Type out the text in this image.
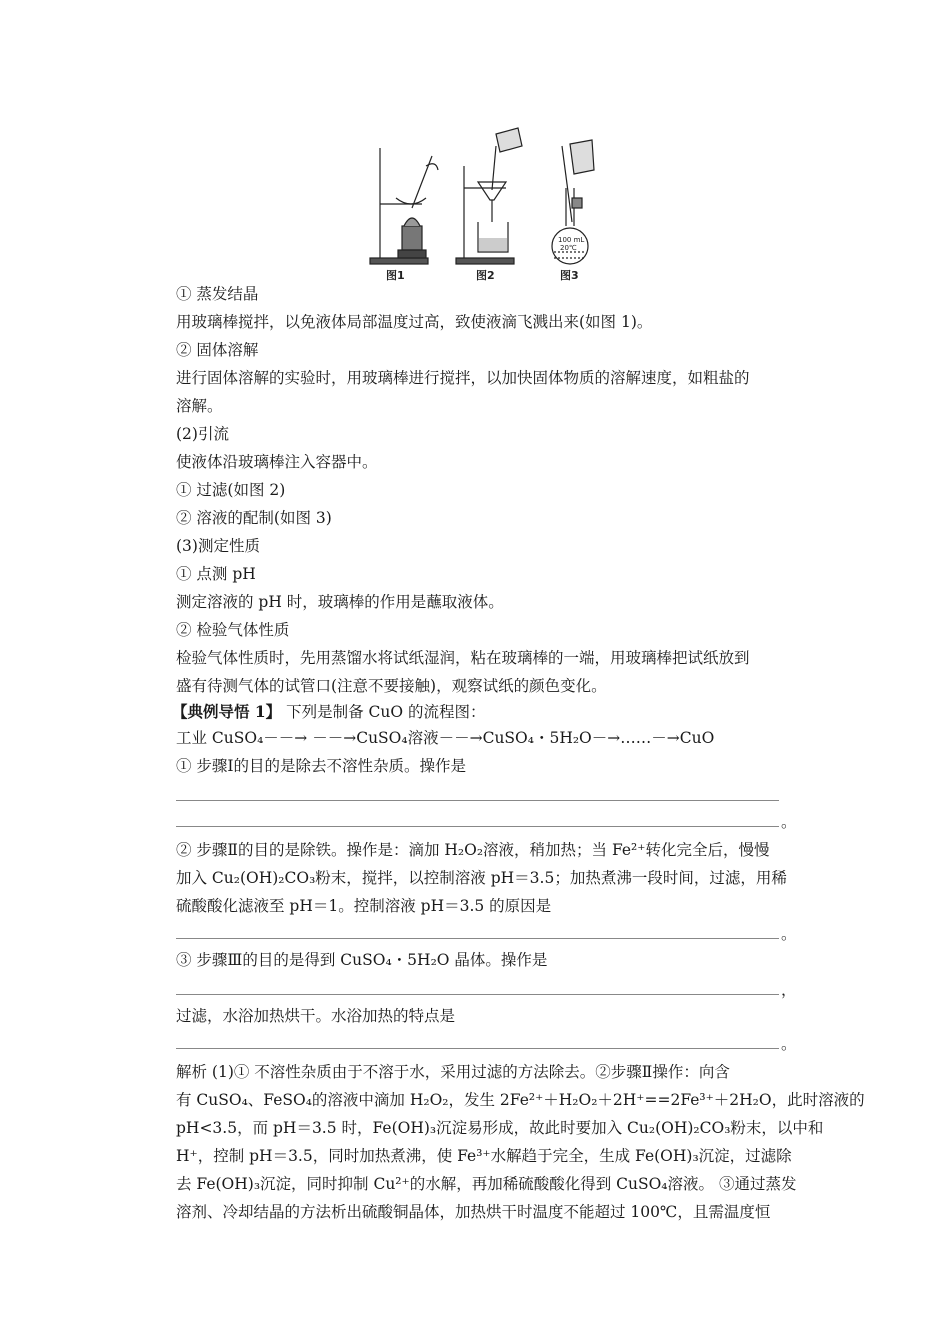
100 mL
20℃
图1	图2	图3
① 蒸发结晶
用玻璃棒搅拌，以免液体局部温度过高，致使液滴飞溅出来(如图 1)。
② 固体溶解
进行固体溶解的实验时，用玻璃棒进行搅拌，以加快固体物质的溶解速度，如粗盐的
溶解。
(2)引流
使液体沿玻璃棒注入容器中。
① 过滤(如图 2)
② 溶液的配制(如图 3)
(3)测定性质
① 点测 pH
测定溶液的 pH 时，玻璃棒的作用是蘸取液体。
② 检验气体性质
检验气体性质时，先用蒸馏水将试纸湿润，粘在玻璃棒的一端，用玻璃棒把试纸放到
盛有待测气体的试管口(注意不要接触)，观察试纸的颜色变化。
【典例导悟 1】 下列是制备 CuO 的流程图：
工业 CuSO₄－－→ －－→CuSO₄溶液－－→CuSO₄・5H₂O－→……－→CuO
① 步骤Ⅰ的目的是除去不溶性杂质。操作是
。
② 步骤Ⅱ的目的是除铁。操作是：滴加 H₂O₂溶液，稍加热；当 Fe²⁺转化完全后，慢慢
加入 Cu₂(OH)₂CO₃粉末，搅拌，以控制溶液 pH＝3.5；加热煮沸一段时间，过滤，用稀
硫酸酸化滤液至 pH＝1。控制溶液 pH＝3.5 的原因是
。
③ 步骤Ⅲ的目的是得到 CuSO₄・5H₂O 晶体。操作是
，
过滤，水浴加热烘干。水浴加热的特点是
。
解析 (1)① 不溶性杂质由于不溶于水，采用过滤的方法除去。②步骤Ⅱ操作：向含
有 CuSO₄、FeSO₄的溶液中滴加 H₂O₂，发生 2Fe²⁺＋H₂O₂＋2H⁺==2Fe³⁺＋2H₂O，此时溶液的
pH<3.5，而 pH＝3.5 时，Fe(OH)₃沉淀易形成，故此时要加入 Cu₂(OH)₂CO₃粉末，以中和
H⁺，控制 pH＝3.5，同时加热煮沸，使 Fe³⁺水解趋于完全，生成 Fe(OH)₃沉淀，过滤除
去 Fe(OH)₃沉淀，同时抑制 Cu²⁺的水解，再加稀硫酸酸化得到 CuSO₄溶液。 ③通过蒸发
溶剂、冷却结晶的方法析出硫酸铜晶体，加热烘干时温度不能超过 100℃，且需温度恒
